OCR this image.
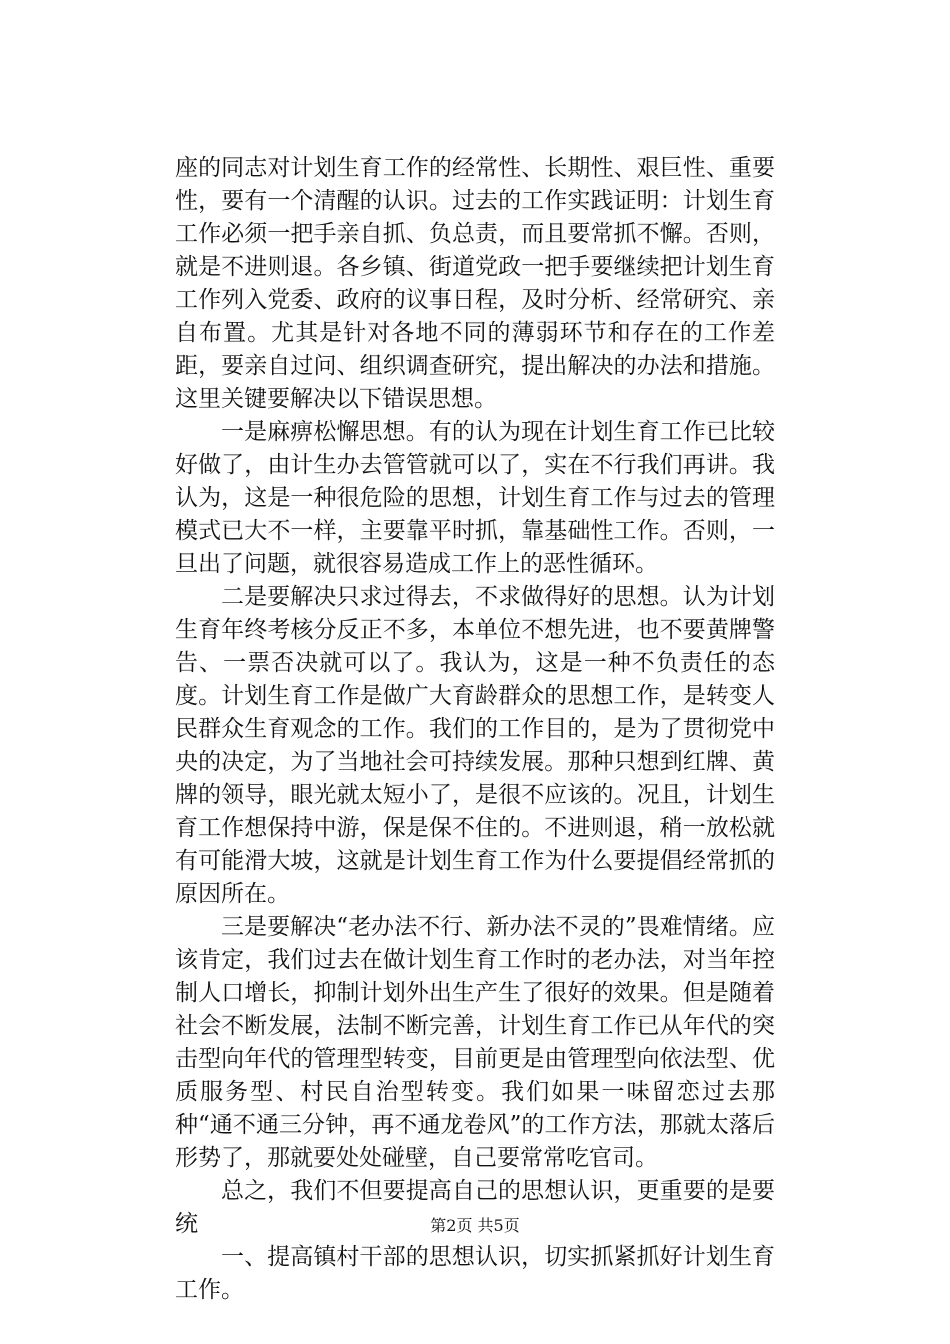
座的同志对计划生育工作的经常性、长期性、艰巨性、重要性，要有一个清醒的认识。过去的工作实践证明：计划生育工作必须一把手亲自抓、负总责，而且要常抓不懈。否则，就是不进则退。各乡镇、街道党政一把手要继续把计划生育工作列入党委、政府的议事日程，及时分析、经常研究、亲自布置。尤其是针对各地不同的薄弱环节和存在的工作差距，要亲自过问、组织调查研究，提出解决的办法和措施。这里关键要解决以下错误思想。

一是麻痹松懈思想。有的认为现在计划生育工作已比较好做了，由计生办去管管就可以了，实在不行我们再讲。我认为，这是一种很危险的思想，计划生育工作与过去的管理模式已大不一样，主要靠平时抓，靠基础性工作。否则，一旦出了问题，就很容易造成工作上的恶性循环。

二是要解决只求过得去，不求做得好的思想。认为计划生育年终考核分反正不多，本单位不想先进，也不要黄牌警告、一票否决就可以了。我认为，这是一种不负责任的态度。计划生育工作是做广大育龄群众的思想工作，是转变人民群众生育观念的工作。我们的工作目的，是为了贯彻党中央的决定，为了当地社会可持续发展。那种只想到红牌、黄牌的领导，眼光就太短小了，是很不应该的。况且，计划生育工作想保持中游，保是保不住的。不进则退，稍一放松就有可能滑大坡，这就是计划生育工作为什么要提倡经常抓的原因所在。

三是要解决“老办法不行、新办法不灵的”畏难情绪。应该肯定，我们过去在做计划生育工作时的老办法，对当年控制人口增长，抑制计划外出生产生了很好的效果。但是随着社会不断发展，法制不断完善，计划生育工作已从年代的突击型向年代的管理型转变，目前更是由管理型向依法型、优质服务型、村民自治型转变。我们如果一味留恋过去那种“通不通三分钟，再不通龙卷风”的工作方法，那就太落后形势了，那就要处处碰壁，自己要常常吃官司。

总之，我们不但要提高自己的思想认识，更重要的是要统

一、提高镇村干部的思想认识，切实抓紧抓好计划生育工作。

第2页 共5页
